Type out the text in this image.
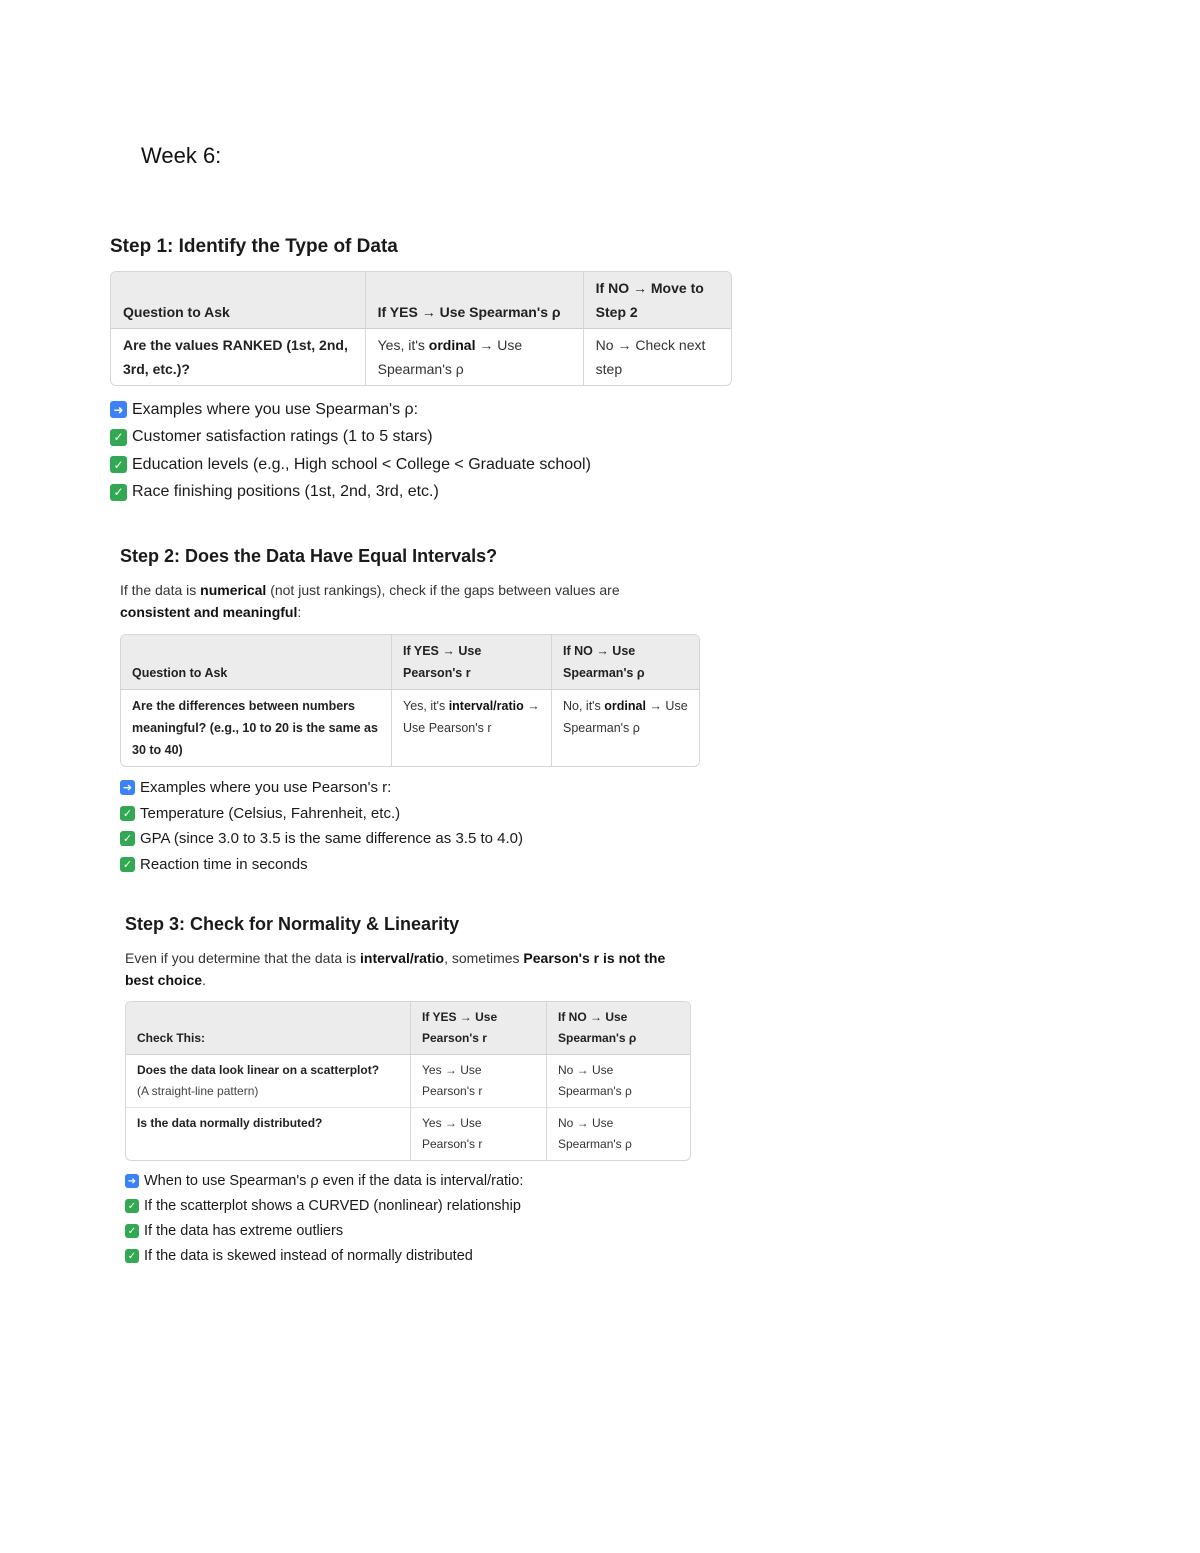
Week 6:
Step 1: Identify the Type of Data
Question to Ask	If YES → Use Spearman's ρ	If NO → Move to Step 2
Are the values RANKED (1st, 2nd, 3rd, etc.)?	Yes, it's ordinal → Use Spearman's ρ	No → Check next step
➜ Examples where you use Spearman's ρ:
✓ Customer satisfaction ratings (1 to 5 stars)
✓ Education levels (e.g., High school < College < Graduate school)
✓ Race finishing positions (1st, 2nd, 3rd, etc.)
Step 2: Does the Data Have Equal Intervals?

If the data is numerical (not just rankings), check if the gaps between values are consistent and meaningful:

Question to Ask	If YES → Use Pearson's r	If NO → Use Spearman's ρ
Are the differences between numbers meaningful? (e.g., 10 to 20 is the same as 30 to 40)	Yes, it's interval/ratio → Use Pearson's r	No, it's ordinal → Use Spearman's ρ
➜ Examples where you use Pearson's r:
✓ Temperature (Celsius, Fahrenheit, etc.)
✓ GPA (since 3.0 to 3.5 is the same difference as 3.5 to 4.0)
✓ Reaction time in seconds
Step 3: Check for Normality & Linearity

Even if you determine that the data is interval/ratio, sometimes Pearson's r is not the best choice.

Check This:	If YES → Use Pearson's r	If NO → Use Spearman's ρ
Does the data look linear on a scatterplot?
(A straight-line pattern)	Yes → Use Pearson's r	No → Use Spearman's ρ
Is the data normally distributed?	Yes → Use Pearson's r	No → Use Spearman's ρ
➜ When to use Spearman's ρ even if the data is interval/ratio:
✓ If the scatterplot shows a CURVED (nonlinear) relationship
✓ If the data has extreme outliers
✓ If the data is skewed instead of normally distributed
